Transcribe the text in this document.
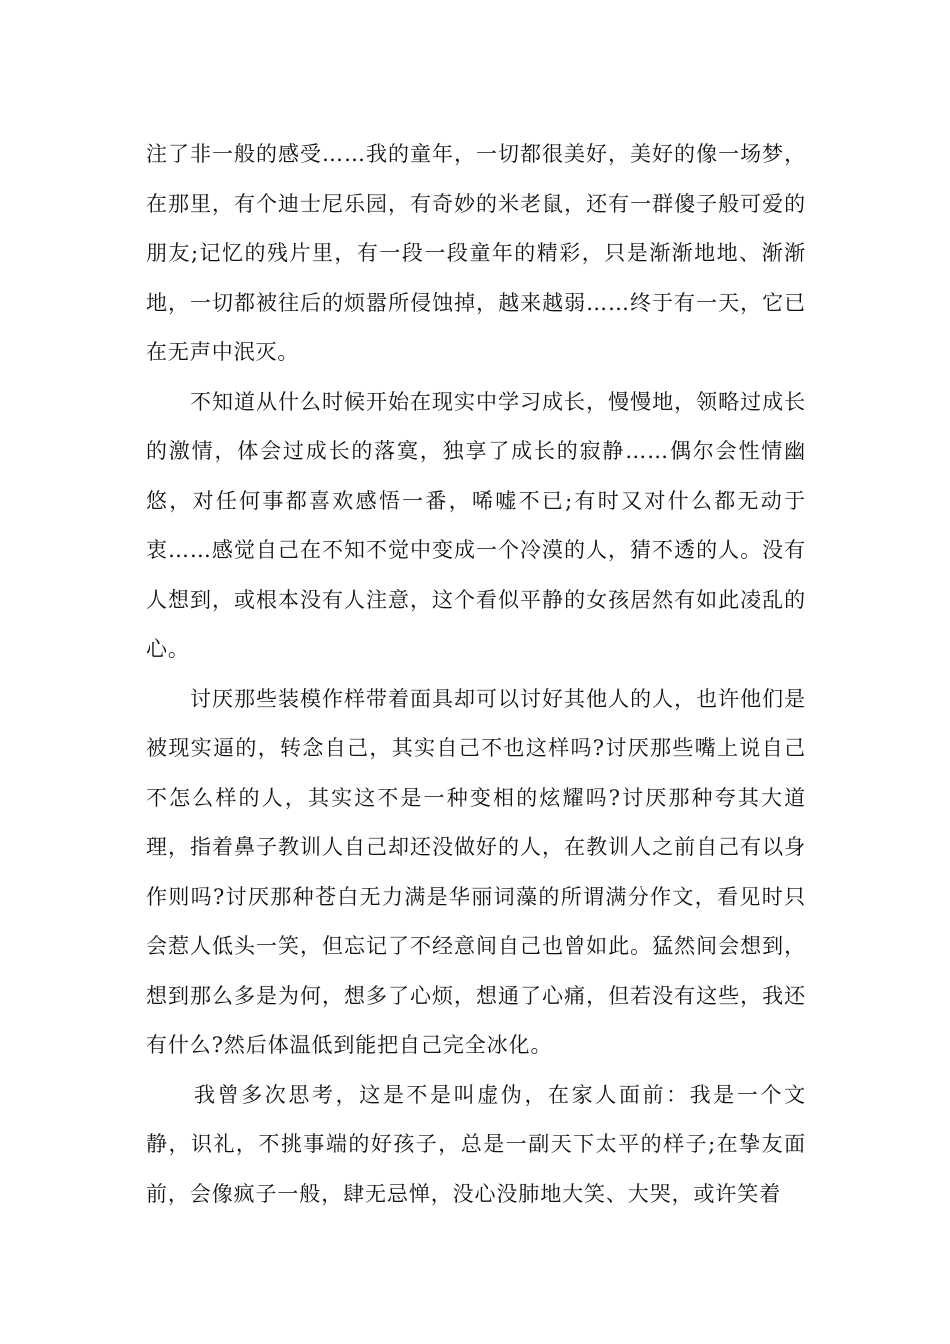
注了非一般的感受……我的童年，一切都很美好，美好的像一场梦，在那里，有个迪士尼乐园，有奇妙的米老鼠，还有一群傻子般可爱的朋友;记忆的残片里，有一段一段童年的精彩，只是渐渐地地、渐渐地，一切都被往后的烦嚣所侵蚀掉，越来越弱……终于有一天，它已在无声中泯灭。

不知道从什么时候开始在现实中学习成长，慢慢地，领略过成长的激情，体会过成长的落寞，独享了成长的寂静……偶尔会性情幽悠，对任何事都喜欢感悟一番，唏嘘不已;有时又对什么都无动于衷……感觉自己在不知不觉中变成一个冷漠的人，猜不透的人。没有人想到，或根本没有人注意，这个看似平静的女孩居然有如此凌乱的心。

讨厌那些装模作样带着面具却可以讨好其他人的人，也许他们是被现实逼的，转念自己，其实自己不也这样吗?讨厌那些嘴上说自己不怎么样的人，其实这不是一种变相的炫耀吗?讨厌那种夸其大道理，指着鼻子教训人自己却还没做好的人，在教训人之前自己有以身作则吗?讨厌那种苍白无力满是华丽词藻的所谓满分作文，看见时只会惹人低头一笑，但忘记了不经意间自己也曾如此。猛然间会想到，想到那么多是为何，想多了心烦，想通了心痛，但若没有这些，我还有什么?然后体温低到能把自己完全冰化。

我曾多次思考，这是不是叫虚伪，在家人面前：我是一个文静，识礼，不挑事端的好孩子，总是一副天下太平的样子;在挚友面前，会像疯子一般，肆无忌惮，没心没肺地大笑、大哭，或许笑着
